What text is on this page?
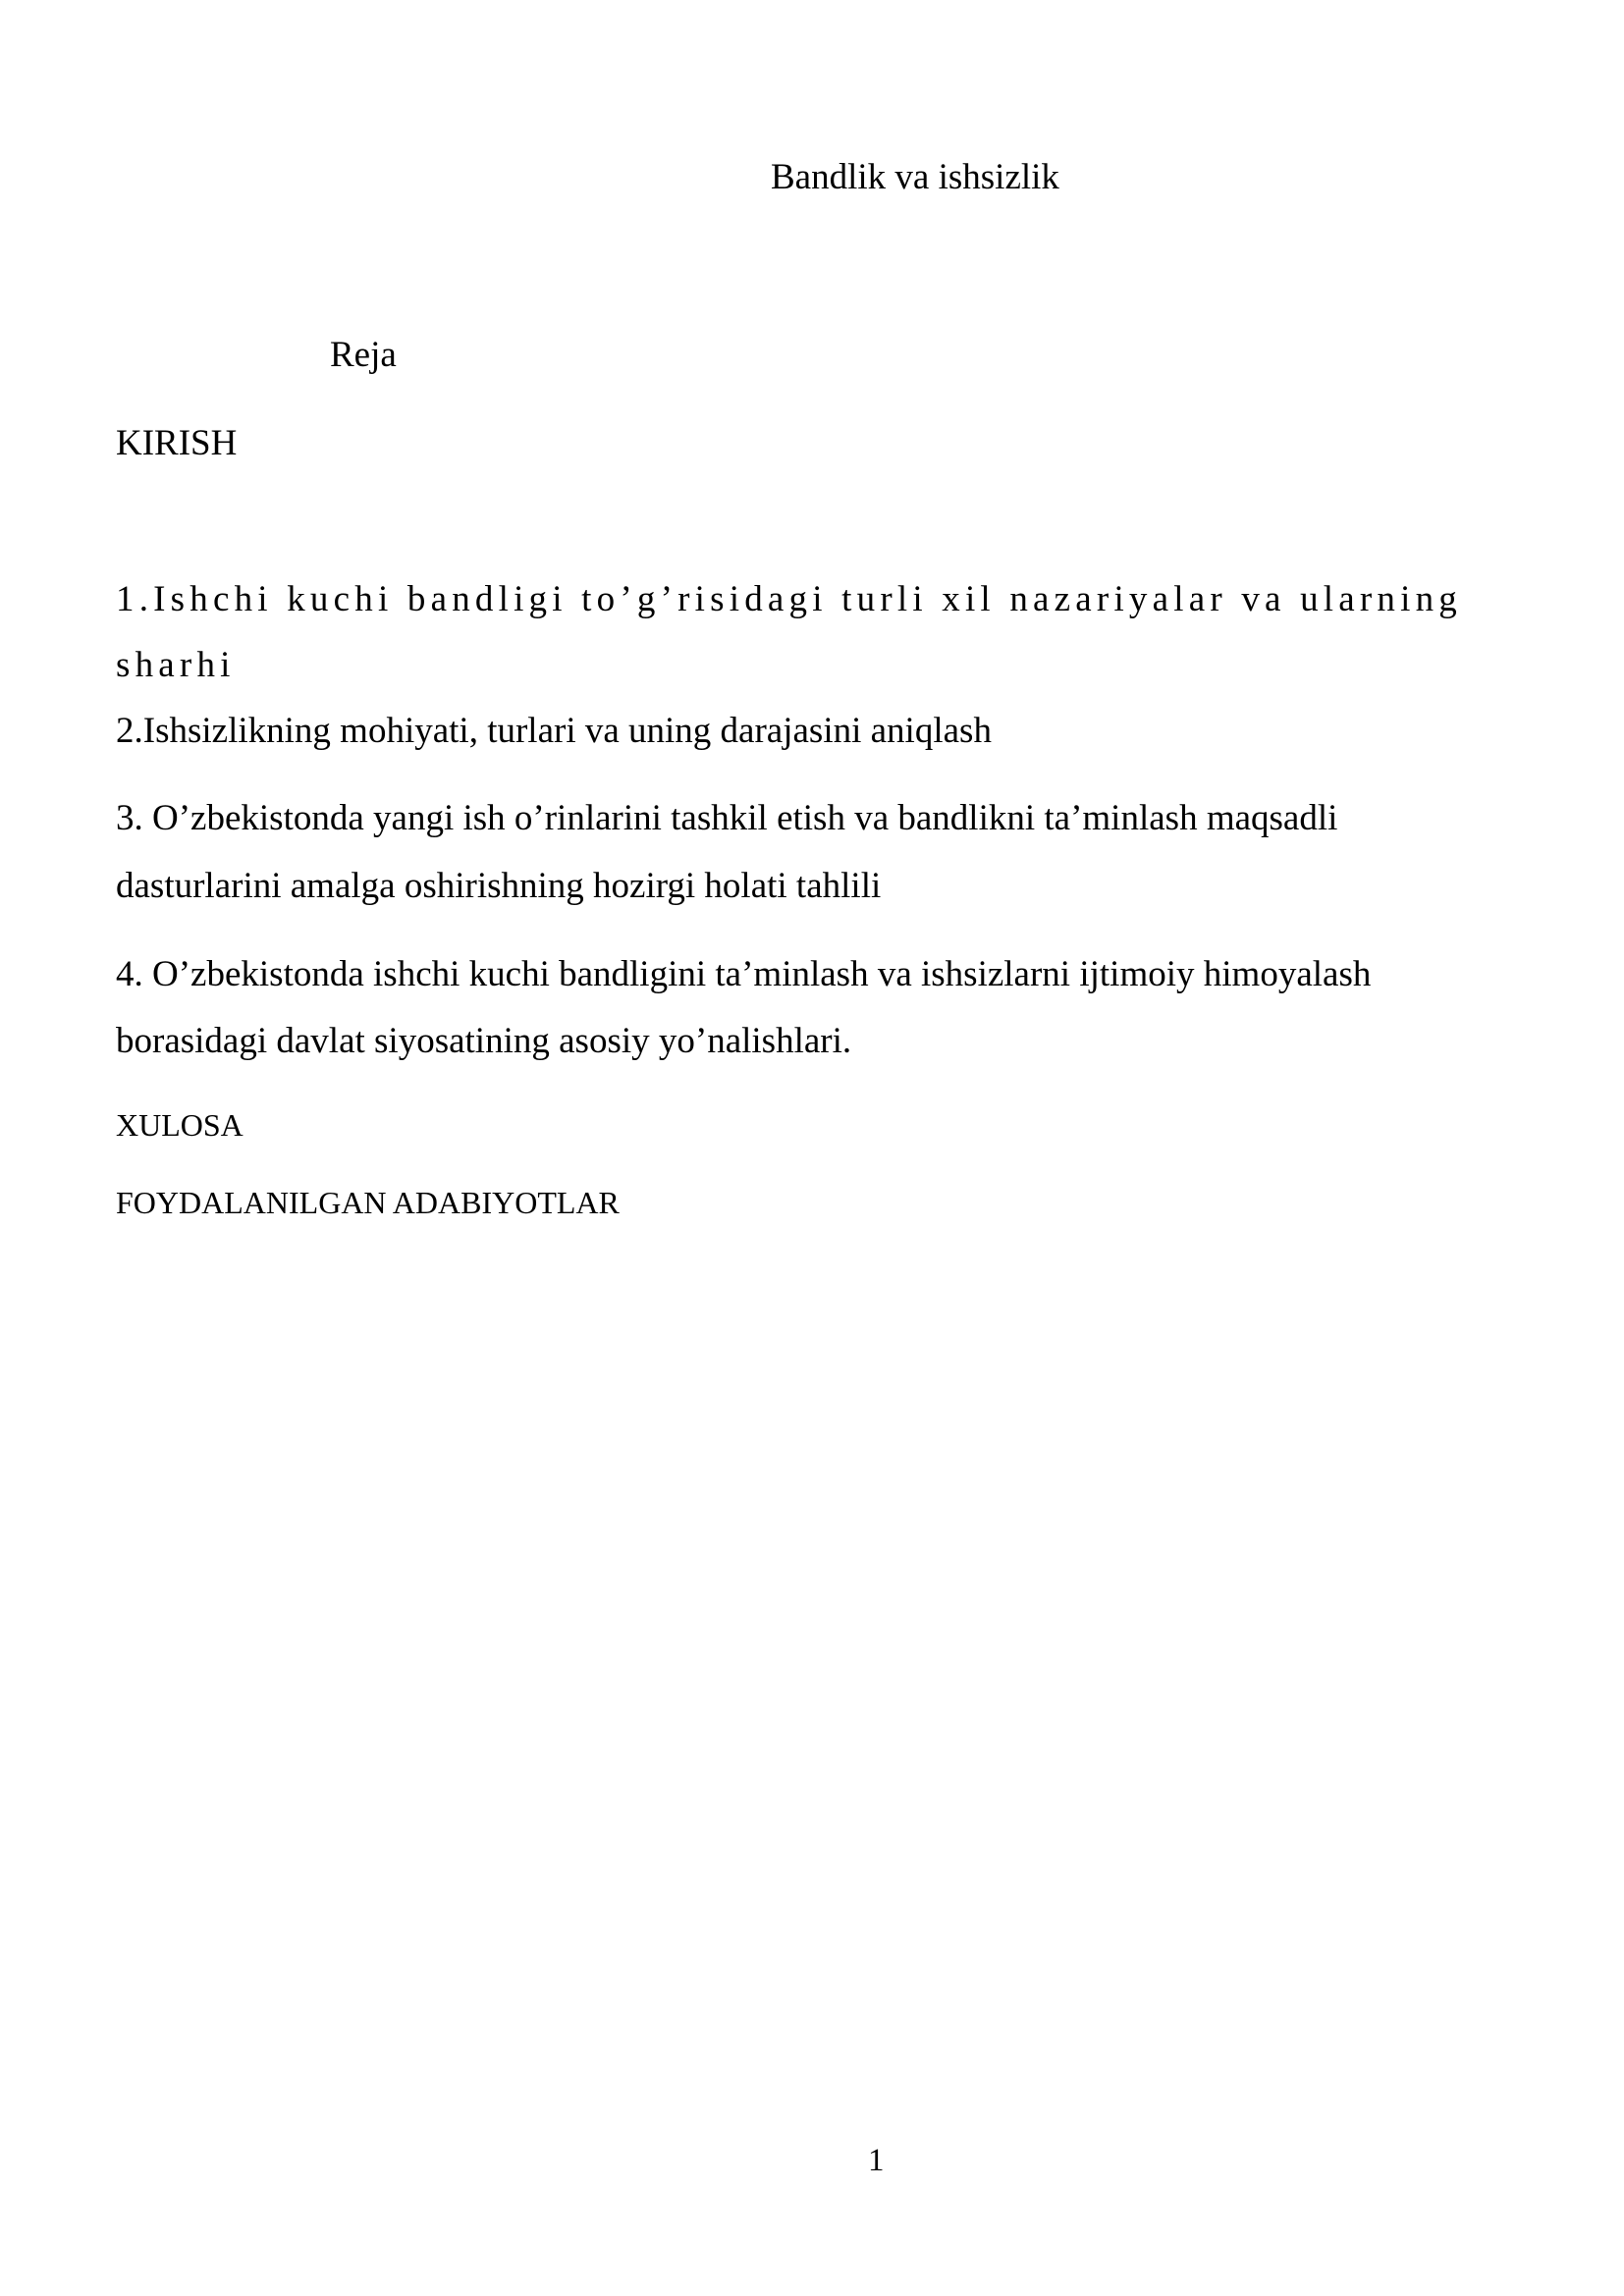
Bandlik va ishsizlik

Reja

KIRISH

1.Ishchi kuchi bandligi to’g’risidagi turli xil nazariyalar va ularning

sharhi

2.Ishsizlikning mohiyati, turlari va uning darajasini aniqlash

3. O’zbekistonda yangi ish o’rinlarini tashkil etish va bandlikni ta’minlash maqsadli

dasturlarini amalga oshirishning hozirgi holati tahlili

4. O’zbekistonda ishchi kuchi bandligini ta’minlash va ishsizlarni ijtimoiy himoyalash

borasidagi davlat siyosatining asosiy yo’nalishlari.

XULOSA

FOYDALANILGAN ADABIYOTLAR

1
